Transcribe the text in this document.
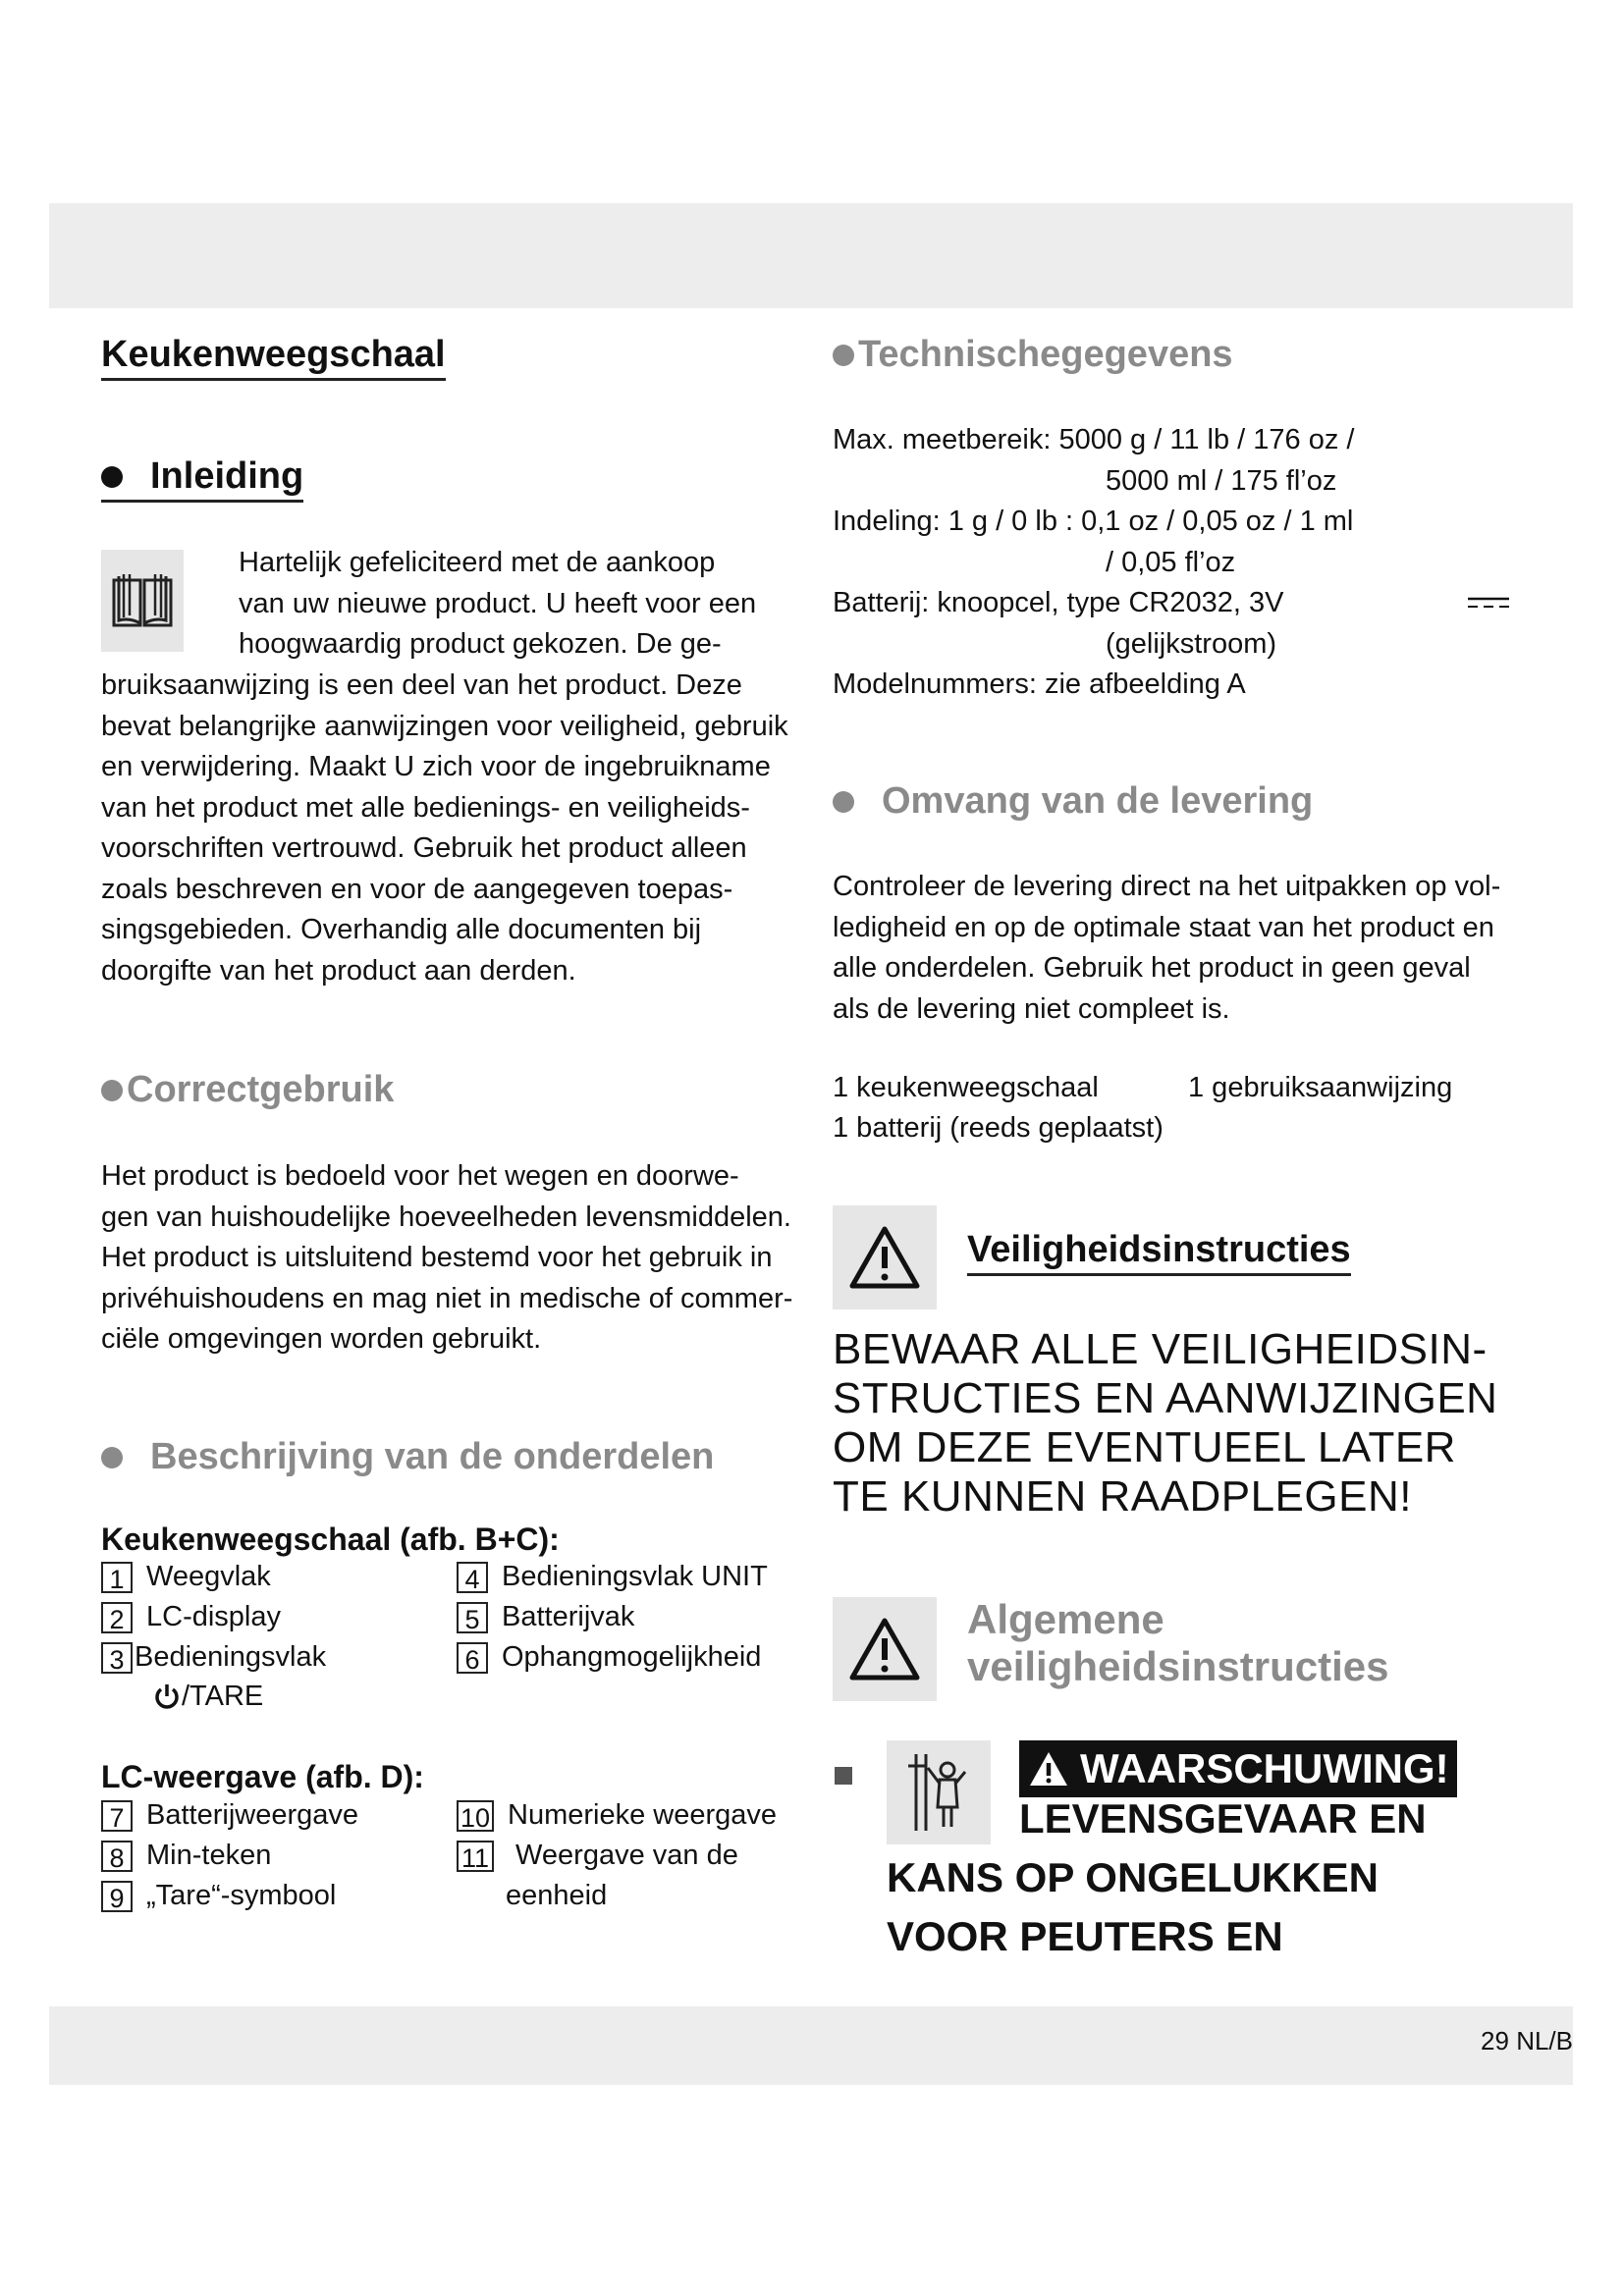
Keukenweegschaal
Inleiding
Hartelijk gefeliciteerd met de aankoop
van uw nieuwe product. U heeft voor een
hoogwaardig product gekozen. De ge-
bruiksaanwijzing is een deel van het product. Deze
bevat belangrijke aanwijzingen voor veiligheid, gebruik
en verwijdering. Maakt U zich voor de ingebruikname
van het product met alle bedienings- en veiligheids-
voorschriften vertrouwd. Gebruik het product alleen
zoals beschreven en voor de aangegeven toepas-
singsgebieden. Overhandig alle documenten bij
doorgifte van het product aan derden.
Correctgebruik
Het product is bedoeld voor het wegen en doorwe-
gen van huishoudelijke hoeveelheden levensmiddelen.
Het product is uitsluitend bestemd voor het gebruik in
privéhuishoudens en mag niet in medische of commer-
ciële omgevingen worden gebruikt.
Beschrijving van de onderdelen
Keukenweegschaal (afb. B+C):
1 Weegvlak
2 LC-display
3 Bedieningsvlak
/TARE
4 Bedieningsvlak UNIT
5 Batterijvak
6 Ophangmogelijkheid
LC-weergave (afb. D):
7 Batterijweergave
8 Min-teken
9 „Tare“-symbool
10 Numerieke weergave
11 Weergave van de
eenheid
Technischegegevens
Max. meetbereik: 5000 g / 11 lb / 176 oz /
5000 ml / 175 fl’oz
Indeling: 1 g / 0 lb : 0,1 oz / 0,05 oz / 1 ml
/ 0,05 fl’oz
Batterij: knoopcel, type CR2032, 3V
(gelijkstroom)
Modelnummers: zie afbeelding A
Omvang van de levering
Controleer de levering direct na het uitpakken op vol-
ledigheid en op de optimale staat van het product en
alle onderdelen. Gebruik het product in geen geval
als de levering niet compleet is.
1 keukenweegschaal	1 gebruiksaanwijzing
1 batterij (reeds geplaatst)
Veiligheidsinstructies
BEWAAR ALLE VEILIGHEIDSIN-
STRUCTIES EN AANWIJZINGEN
OM DEZE EVENTUEEL LATER
TE KUNNEN RAADPLEGEN!
Algemene
veiligheidsinstructies
WAARSCHUWING!
LEVENSGEVAAR EN
KANS OP ONGELUKKEN
VOOR PEUTERS EN
29 NL/B
